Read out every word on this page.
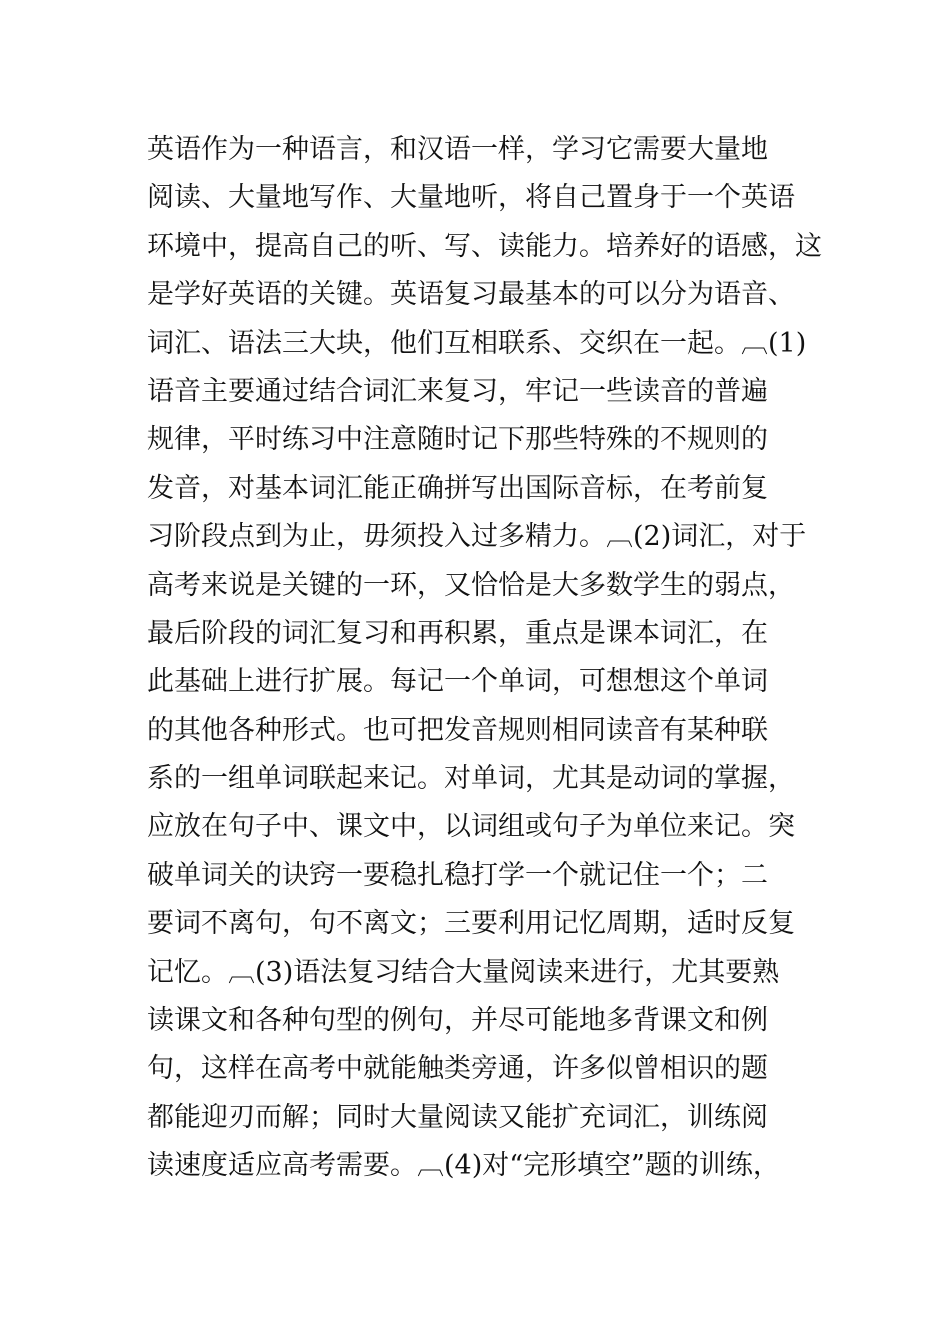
英语作为一种语言，和汉语一样，学习它需要大量地
阅读、大量地写作、大量地听，将自己置身于一个英语
环境中，提高自己的听、写、读能力。培养好的语感，这
是学好英语的关键。英语复习最基本的可以分为语音、
词汇、语法三大块，他们互相联系、交织在一起。︹(1)
语音主要通过结合词汇来复习，牢记一些读音的普遍
规律，平时练习中注意随时记下那些特殊的不规则的
发音，对基本词汇能正确拼写出国际音标，在考前复
习阶段点到为止，毋须投入过多精力。︹(2)词汇，对于
高考来说是关键的一环，又恰恰是大多数学生的弱点，
最后阶段的词汇复习和再积累，重点是课本词汇，在
此基础上进行扩展。每记一个单词，可想想这个单词
的其他各种形式。也可把发音规则相同读音有某种联
系的一组单词联起来记。对单词，尤其是动词的掌握，
应放在句子中、课文中，以词组或句子为单位来记。突
破单词关的诀窍一要稳扎稳打学一个就记住一个；二
要词不离句，句不离文；三要利用记忆周期，适时反复
记忆。︹(3)语法复习结合大量阅读来进行，尤其要熟
读课文和各种句型的例句，并尽可能地多背课文和例
句，这样在高考中就能触类旁通，许多似曾相识的题
都能迎刃而解；同时大量阅读又能扩充词汇，训练阅
读速度适应高考需要。︹(4)对“完形填空”题的训练，
